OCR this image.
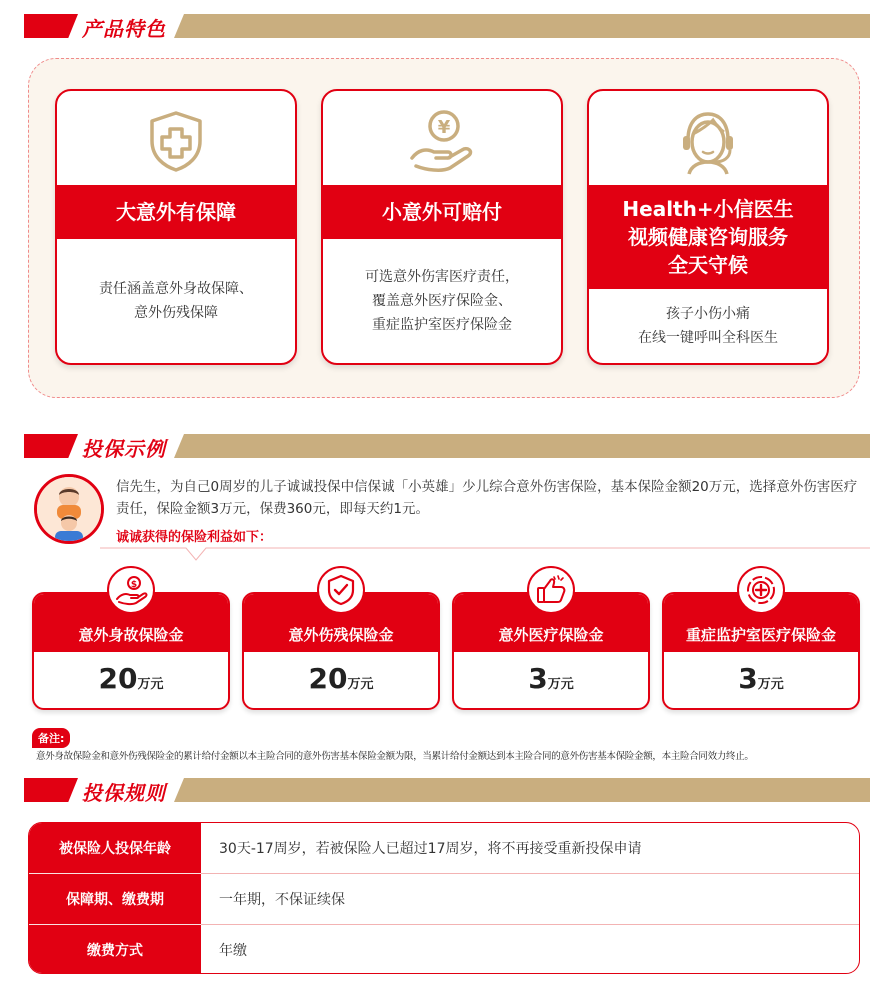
产品特色
大意外有保障
责任涵盖意外身故保障、
意外伤残保障
¥
小意外可赔付
可选意外伤害医疗责任，
覆盖意外医疗保险金、
重症监护室医疗保险金
Health+小信医生
视频健康咨询服务
全天守候
孩子小伤小痛
在线一键呼叫全科医生
投保示例
信先生，为自己0周岁的儿子诚诚投保中信保诚「小英雄」少儿综合意外伤害保险，基本保险金额20万元，选择意外伤害医疗责任，保险金额3万元，保费360元，即每天约1元。
诚诚获得的保险利益如下：
意外身故保险金
20万元
意外伤残保险金
20万元
意外医疗保险金
3万元
重症监护室医疗保险金
3万元
$
备注:
意外身故保险金和意外伤残保险金的累计给付金额以本主险合同的意外伤害基本保险金额为限，当累计给付金额达到本主险合同的意外伤害基本保险金额，本主险合同效力终止。
投保规则
被保险人投保年龄	30天-17周岁，若被保险人已超过17周岁，将不再接受重新投保申请
保障期、缴费期	一年期，不保证续保
缴费方式	年缴
